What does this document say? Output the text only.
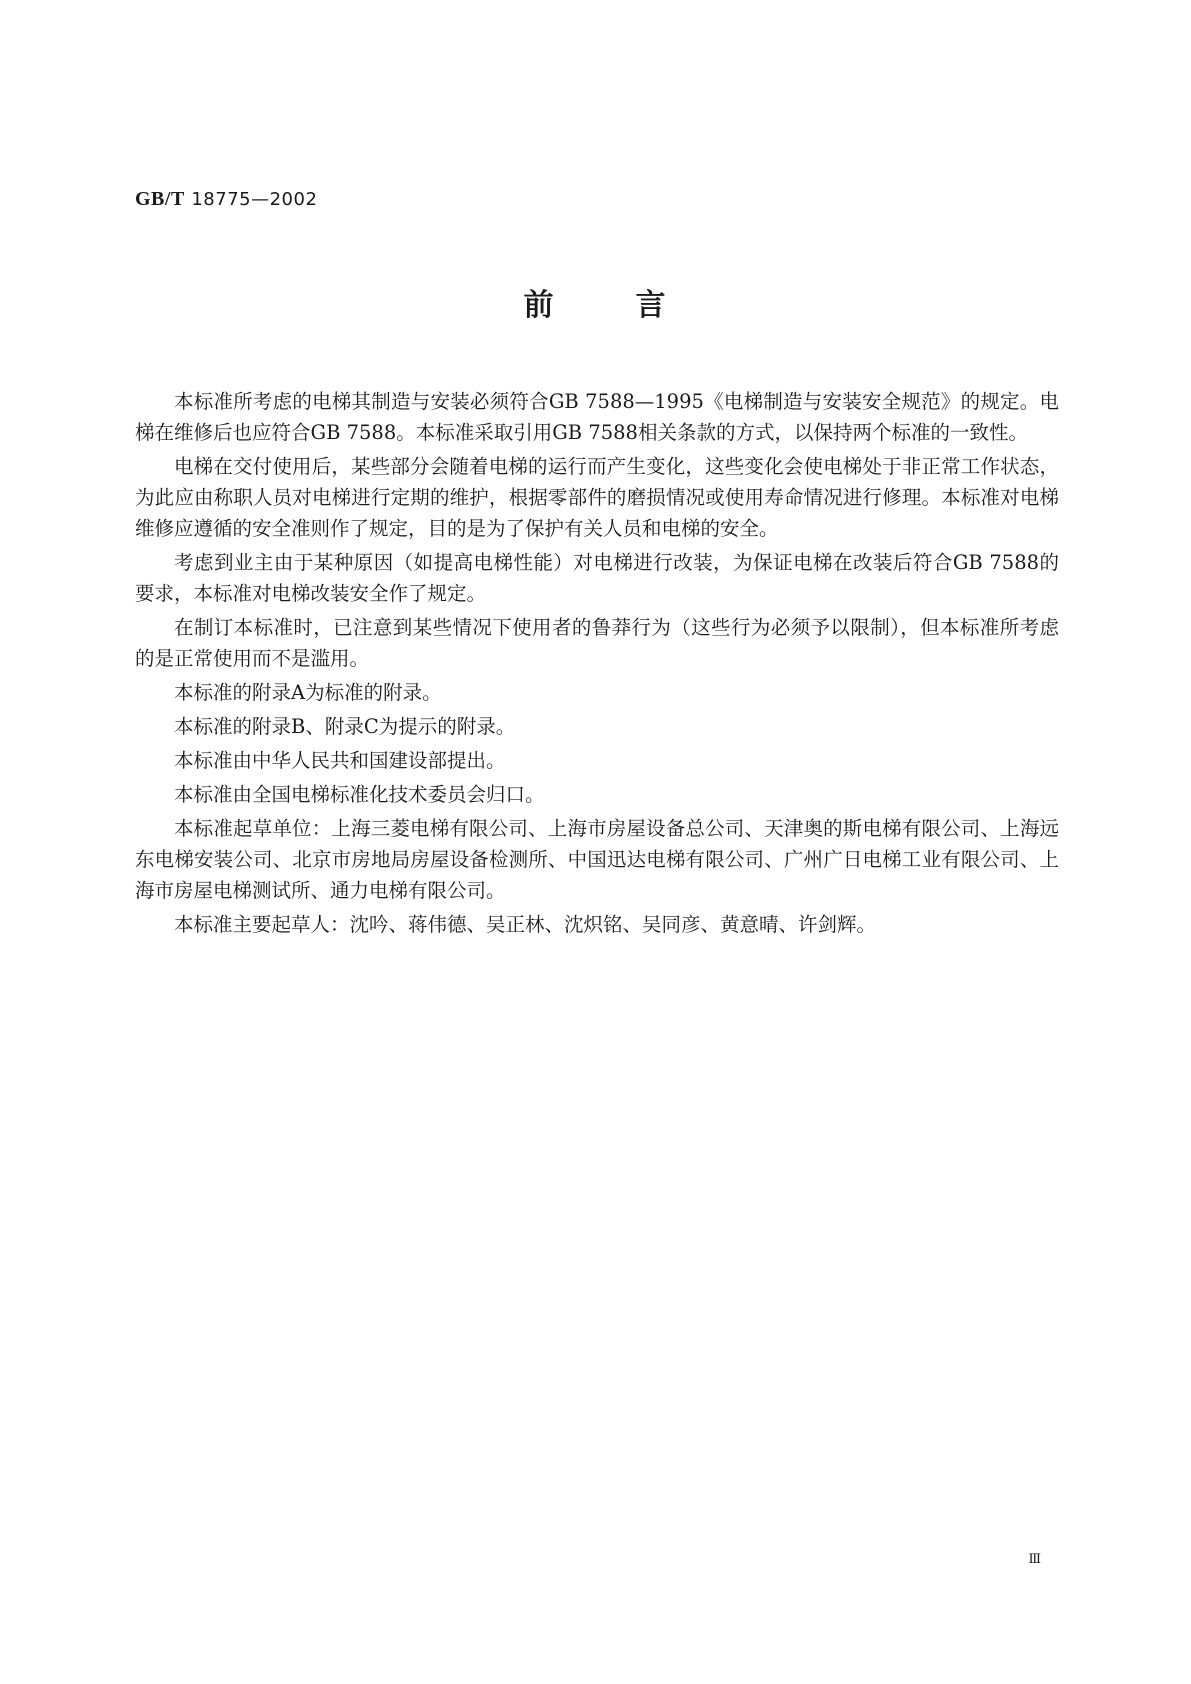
GB/T 18775—2002
前	言

本标准所考虑的电梯其制造与安装必须符合GB 7588—1995《电梯制造与安装安全规范》的规定。电梯在维修后也应符合GB 7588。本标准采取引用GB 7588相关条款的方式，以保持两个标准的一致性。

电梯在交付使用后，某些部分会随着电梯的运行而产生变化，这些变化会使电梯处于非正常工作状态，为此应由称职人员对电梯进行定期的维护，根据零部件的磨损情况或使用寿命情况进行修理。本标准对电梯维修应遵循的安全准则作了规定，目的是为了保护有关人员和电梯的安全。

考虑到业主由于某种原因（如提高电梯性能）对电梯进行改装，为保证电梯在改装后符合GB 7588的要求，本标准对电梯改装安全作了规定。

在制订本标准时，已注意到某些情况下使用者的鲁莽行为（这些行为必须予以限制），但本标准所考虑的是正常使用而不是滥用。

本标准的附录A为标准的附录。

本标准的附录B、附录C为提示的附录。

本标准由中华人民共和国建设部提出。

本标准由全国电梯标准化技术委员会归口。

本标准起草单位：上海三菱电梯有限公司、上海市房屋设备总公司、天津奥的斯电梯有限公司、上海远东电梯安装公司、北京市房地局房屋设备检测所、中国迅达电梯有限公司、广州广日电梯工业有限公司、上海市房屋电梯测试所、通力电梯有限公司。

本标准主要起草人：沈吟、蒋伟德、吴正林、沈炽铭、吴同彦、黄意晴、许剑辉。

Ⅲ
